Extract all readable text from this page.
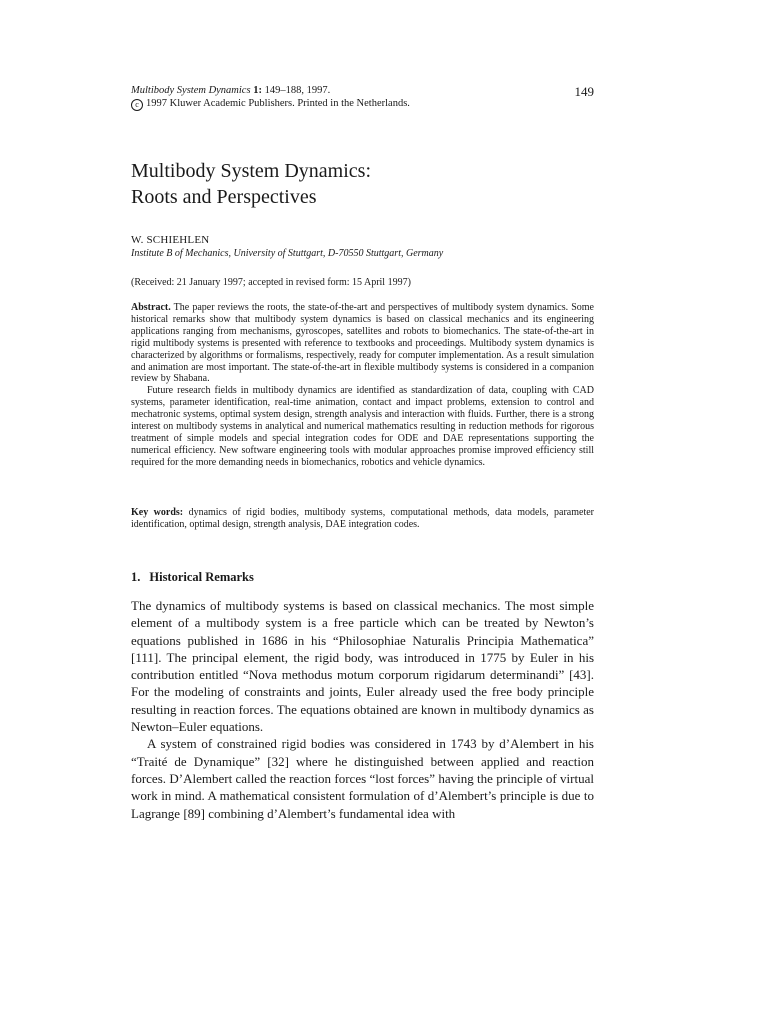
Multibody System Dynamics 1: 149–188, 1997.
c 1997 Kluwer Academic Publishers. Printed in the Netherlands.
149
Multibody System Dynamics:
Roots and Perspectives
W. SCHIEHLEN
Institute B of Mechanics, University of Stuttgart, D-70550 Stuttgart, Germany
(Received: 21 January 1997; accepted in revised form: 15 April 1997)
Abstract. The paper reviews the roots, the state-of-the-art and perspectives of multibody system dynamics. Some historical remarks show that multibody system dynamics is based on classical mechanics and its engineering applications ranging from mechanisms, gyroscopes, satellites and robots to biomechanics. The state-of-the-art in rigid multibody systems is presented with reference to textbooks and proceedings. Multibody system dynamics is characterized by algorithms or formalisms, respectively, ready for computer implementation. As a result simulation and animation are most important. The state-of-the-art in flexible multibody systems is considered in a companion review by Shabana.
Future research fields in multibody dynamics are identified as standardization of data, coupling with CAD systems, parameter identification, real-time animation, contact and impact problems, extension to control and mechatronic systems, optimal system design, strength analysis and interaction with fluids. Further, there is a strong interest on multibody systems in analytical and numerical mathematics resulting in reduction methods for rigorous treatment of simple models and special integration codes for ODE and DAE representations supporting the numerical efficiency. New software engineering tools with modular approaches promise improved efficiency still required for the more demanding needs in biomechanics, robotics and vehicle dynamics.
Key words: dynamics of rigid bodies, multibody systems, computational methods, data models, parameter identification, optimal design, strength analysis, DAE integration codes.
1. Historical Remarks

The dynamics of multibody systems is based on classical mechanics. The most simple element of a multibody system is a free particle which can be treated by Newton’s equations published in 1686 in his “Philosophiae Naturalis Principia Mathematica” [111]. The principal element, the rigid body, was introduced in 1775 by Euler in his contribution entitled “Nova methodus motum corporum rigidarum determinandi” [43]. For the modeling of constraints and joints, Euler already used the free body principle resulting in reaction forces. The equations obtained are known in multibody dynamics as Newton–Euler equations.

A system of constrained rigid bodies was considered in 1743 by d’Alembert in his “Traité de Dynamique” [32] where he distinguished between applied and reaction forces. D’Alembert called the reaction forces “lost forces” having the principle of virtual work in mind. A mathematical consistent formulation of d’Alembert’s principle is due to Lagrange [89] combining d’Alembert’s fundamental idea with
